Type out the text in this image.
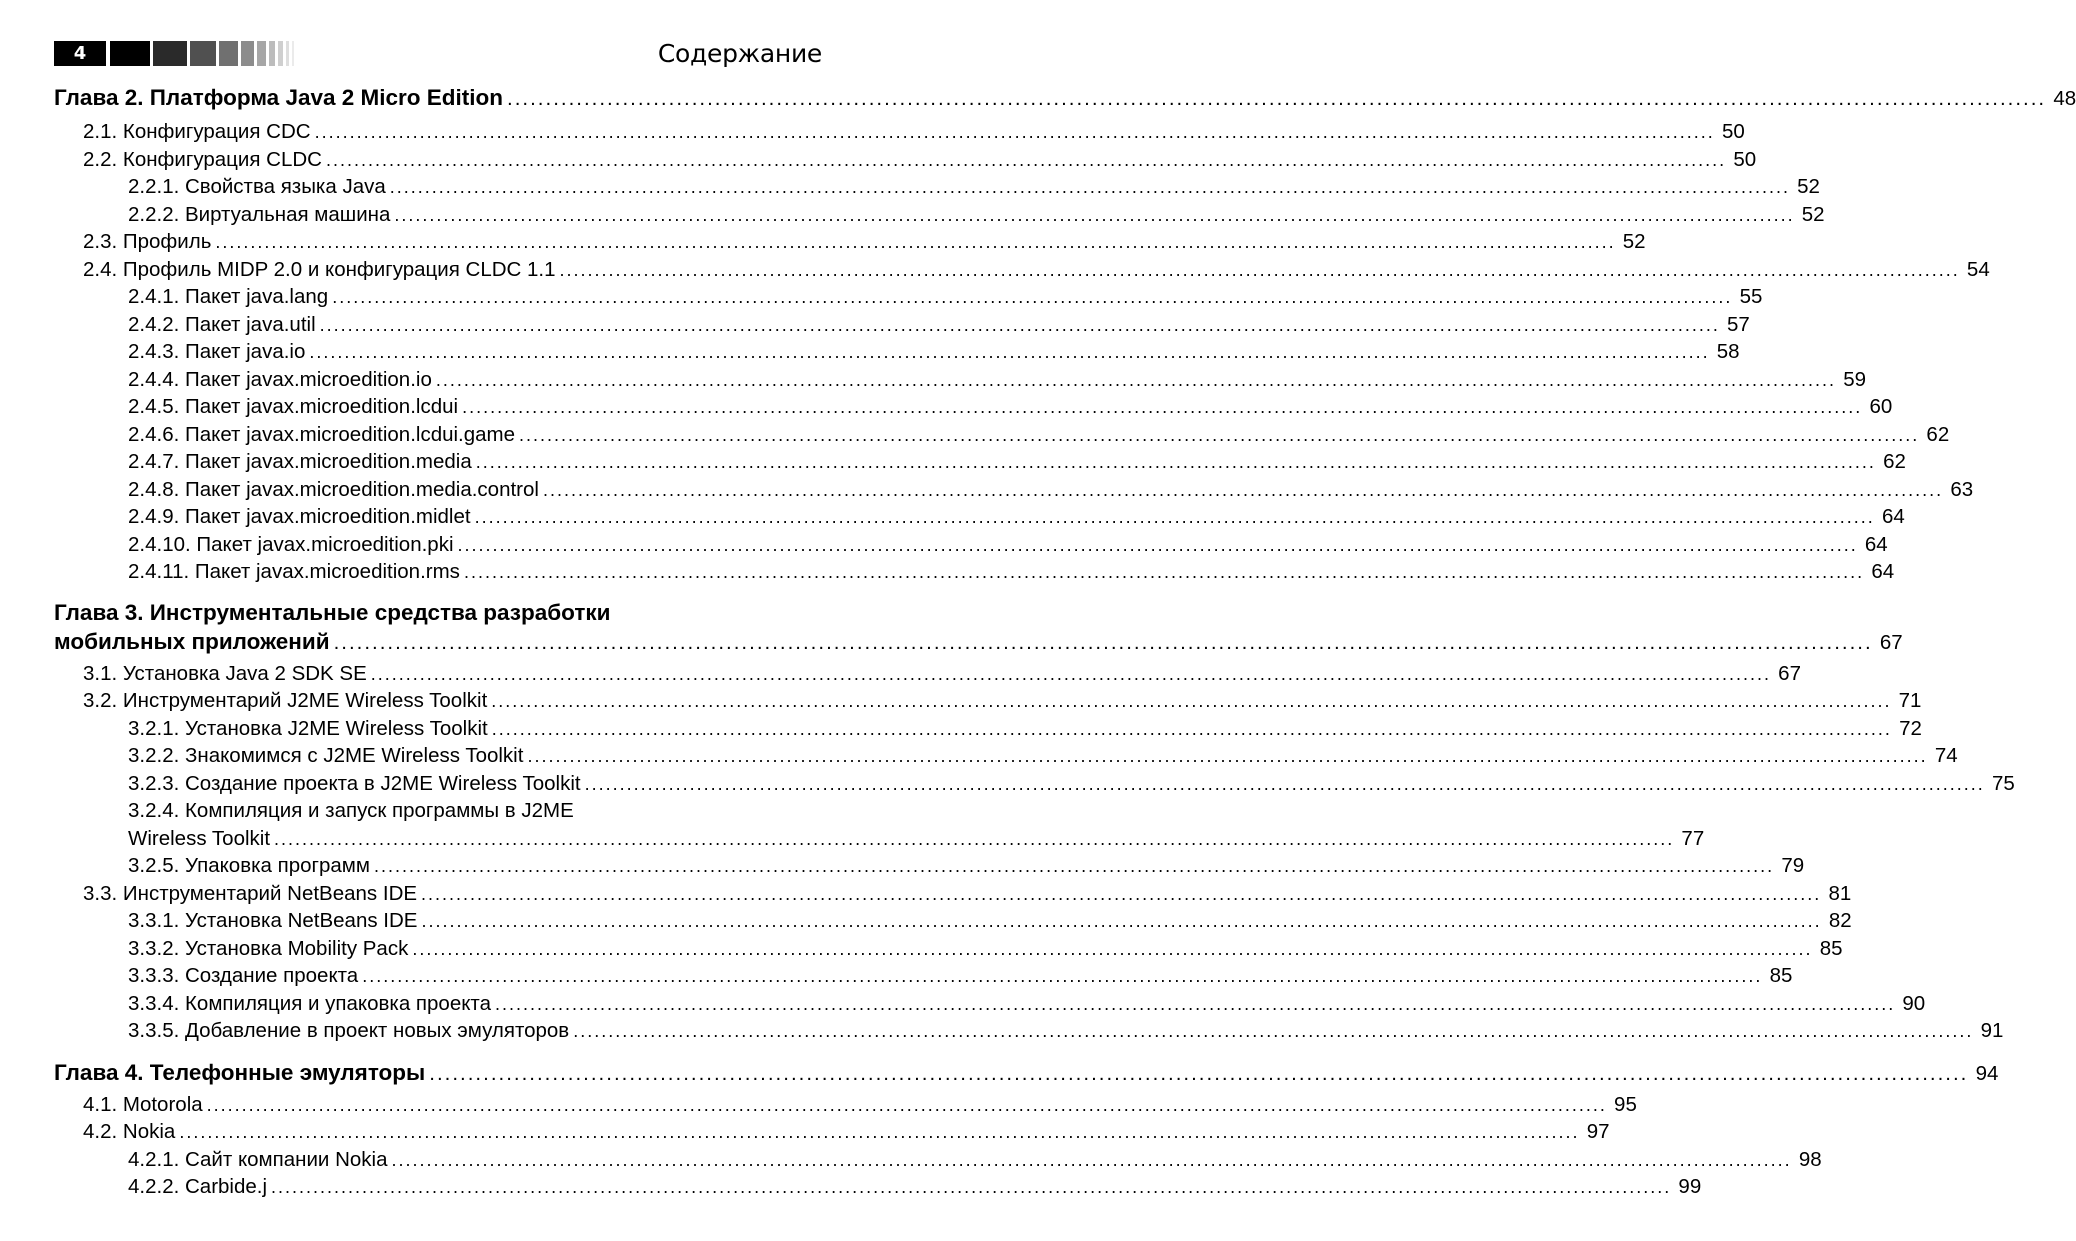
4	Содержание
Глава 2. Платформа Java 2 Micro Edition ........................................................................................................................................................................................................ 48
2.1. Конфигурация CDC ........................................................................................................................................................................................................ 50
2.2. Конфигурация CLDC ........................................................................................................................................................................................................ 50
2.2.1. Свойства языка Java ........................................................................................................................................................................................................ 52
2.2.2. Виртуальная машина ........................................................................................................................................................................................................ 52
2.3. Профиль ........................................................................................................................................................................................................ 52
2.4. Профиль MIDP 2.0 и конфигурация CLDC 1.1 ........................................................................................................................................................................................................ 54
2.4.1. Пакет java.lang ........................................................................................................................................................................................................ 55
2.4.2. Пакет java.util ........................................................................................................................................................................................................ 57
2.4.3. Пакет java.io ........................................................................................................................................................................................................ 58
2.4.4. Пакет javax.microedition.io ........................................................................................................................................................................................................ 59
2.4.5. Пакет javax.microedition.lcdui ........................................................................................................................................................................................................ 60
2.4.6. Пакет javax.microedition.lcdui.game ........................................................................................................................................................................................................ 62
2.4.7. Пакет javax.microedition.media ........................................................................................................................................................................................................ 62
2.4.8. Пакет javax.microedition.media.control ........................................................................................................................................................................................................ 63
2.4.9. Пакет javax.microedition.midlet ........................................................................................................................................................................................................ 64
2.4.10. Пакет javax.microedition.pki ........................................................................................................................................................................................................ 64
2.4.11. Пакет javax.microedition.rms ........................................................................................................................................................................................................ 64
Глава 3. Инструментальные средства разработки
мобильных приложений ........................................................................................................................................................................................................ 67
3.1. Установка Java 2 SDK SE ........................................................................................................................................................................................................ 67
3.2. Инструментарий J2ME Wireless Toolkit ........................................................................................................................................................................................................ 71
3.2.1. Установка J2ME Wireless Toolkit ........................................................................................................................................................................................................ 72
3.2.2. Знакомимся с J2ME Wireless Toolkit ........................................................................................................................................................................................................ 74
3.2.3. Создание проекта в J2ME Wireless Toolkit ........................................................................................................................................................................................................ 75
3.2.4. Компиляция и запуск программы в J2ME
Wireless Toolkit ........................................................................................................................................................................................................ 77
3.2.5. Упаковка программ ........................................................................................................................................................................................................ 79
3.3. Инструментарий NetBeans IDE ........................................................................................................................................................................................................ 81
3.3.1. Установка NetBeans IDE ........................................................................................................................................................................................................ 82
3.3.2. Установка Mobility Pack ........................................................................................................................................................................................................ 85
3.3.3. Создание проекта ........................................................................................................................................................................................................ 85
3.3.4. Компиляция и упаковка проекта ........................................................................................................................................................................................................ 90
3.3.5. Добавление в проект новых эмуляторов ........................................................................................................................................................................................................ 91
Глава 4. Телефонные эмуляторы ........................................................................................................................................................................................................ 94
4.1. Motorola ........................................................................................................................................................................................................ 95
4.2. Nokia ........................................................................................................................................................................................................ 97
4.2.1. Сайт компании Nokia ........................................................................................................................................................................................................ 98
4.2.2. Carbide.j ........................................................................................................................................................................................................ 99
